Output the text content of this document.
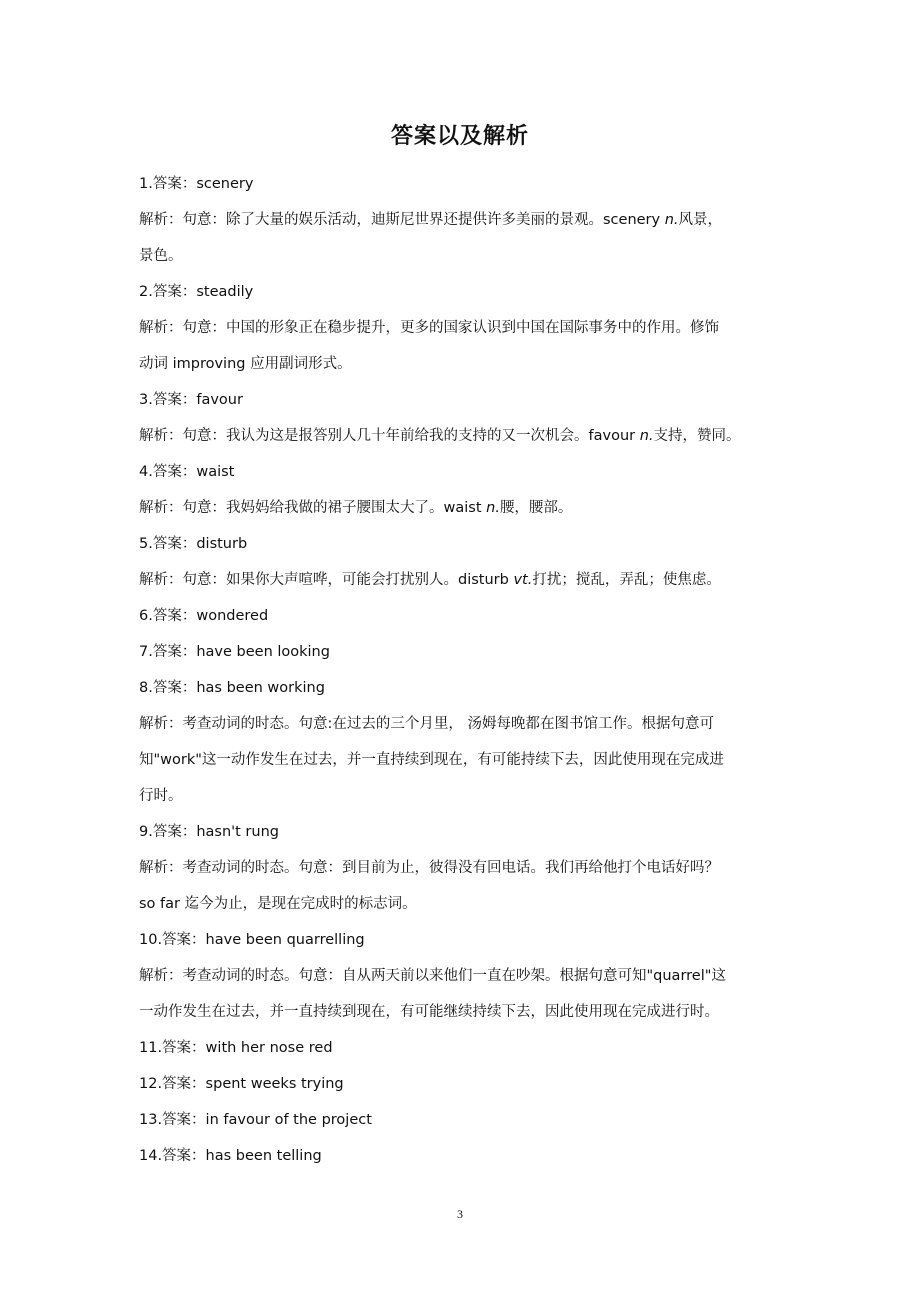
答案以及解析
1.答案：scenery
解析：句意：除了大量的娱乐活动，迪斯尼世界还提供许多美丽的景观。scenery n.风景，
景色。
2.答案：steadily
解析：句意：中国的形象正在稳步提升，更多的国家认识到中国在国际事务中的作用。修饰
动词 improving 应用副词形式。
3.答案：favour
解析：句意：我认为这是报答别人几十年前给我的支持的又一次机会。favour n.支持，赞同。
4.答案：waist
解析：句意：我妈妈给我做的裙子腰围太大了。waist n.腰，腰部。
5.答案：disturb
解析：句意：如果你大声喧哗，可能会打扰别人。disturb vt.打扰；搅乱，弄乱；使焦虑。
6.答案：wondered
7.答案：have been looking
8.答案：has been working
解析：考查动词的时态。句意:在过去的三个月里， 汤姆每晚都在图书馆工作。根据句意可
知"work"这一动作发生在过去，并一直持续到现在，有可能持续下去，因此使用现在完成进
行时。
9.答案：hasn't rung
解析：考查动词的时态。句意：到目前为止，彼得没有回电话。我们再给他打个电话好吗？
so far 迄今为止，是现在完成时的标志词。
10.答案：have been quarrelling
解析：考查动词的时态。句意：自从两天前以来他们一直在吵架。根据句意可知"quarrel"这
一动作发生在过去，并一直持续到现在，有可能继续持续下去，因此使用现在完成进行时。
11.答案：with her nose red
12.答案：spent weeks trying
13.答案：in favour of the project
14.答案：has been telling
3
